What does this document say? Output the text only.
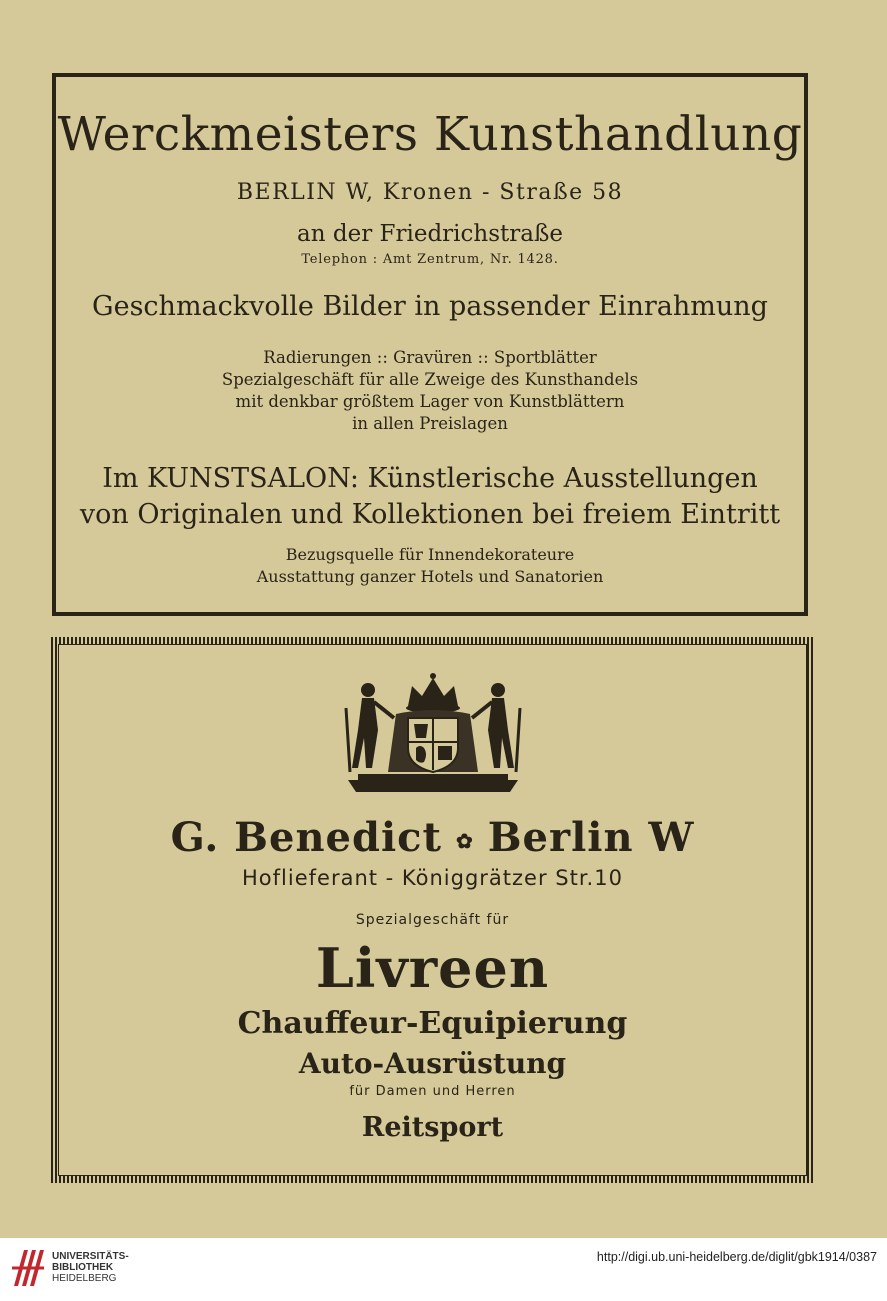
Werckmeisters Kunsthandlung
BERLIN W, Kronen - Straße 58
an der Friedrichstraße
Telephon : Amt Zentrum, Nr. 1428.
Geschmackvolle Bilder in passender Einrahmung
Radierungen :: Gravüren :: Sportblätter
Spezialgeschäft für alle Zweige des Kunsthandels
mit denkbar größtem Lager von Kunstblättern
in allen Preislagen
Im KUNSTSALON: Künstlerische Ausstellungen
von Originalen und Kollektionen bei freiem Eintritt
Bezugsquelle für Innendekorateure
Ausstattung ganzer Hotels und Sanatorien
G. Benedict ✿ Berlin W
Hoflieferant - Königgrätzer Str.10
Spezialgeschäft für
Livreen
Chauffeur-Equipierung
Auto-Ausrüstung
für Damen und Herren
Reitsport
UNIVERSITÄTS-
BIBLIOTHEK
HEIDELBERG
http://digi.ub.uni-heidelberg.de/diglit/gbk1914/0387
